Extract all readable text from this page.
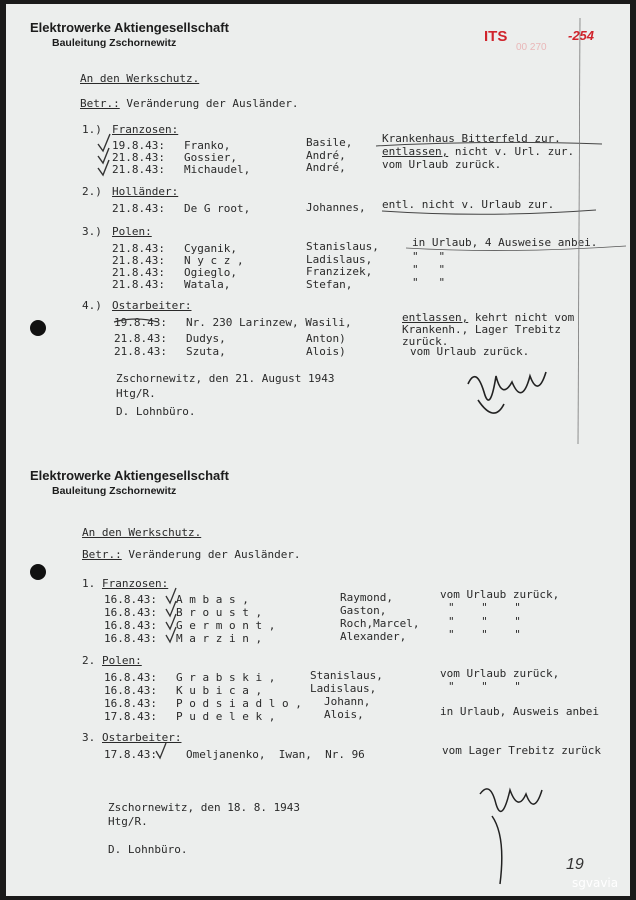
ITS	-254
00 270
Elektrowerke Aktiengesellschaft
Bauleitung Zschornewitz
An den Werkschutz.
Betr.: Veränderung der Ausländer.
1.) Franzosen:
19.8.43: Franko,	Basile,	Krankenhaus Bitterfeld zur.
21.8.43: Gossier,	André,	entlassen, nicht v. Url. zur.
21.8.43: Michaudel,	André,	vom Urlaub zurück.
2.) Holländer:
21.8.43: De G root,	Johannes, entl. nicht v. Urlaub zur.
3.) Polen:
21.8.43: Cyganik,	Stanislaus,	in Urlaub, 4 Ausweise anbei.
21.8.43: N y c z ,	Ladislaus,	"   "
21.8.43: Ogieglo,	Franzizek,	"   "
21.8.43: Watala,	Stefan,	"   "
4.) Ostarbeiter:
19.8.43: Nr. 230 Larinzew, Wasili,	entlassen, kehrt nicht vom
Krankenh., Lager Trebitz
zurück.
21.8.43: Dudys,	Anton)
21.8.43: Szuta,	Alois)	vom Urlaub zurück.
Zschornewitz, den 21. August 1943
Htg/R.
D. Lohnbüro.
Elektrowerke Aktiengesellschaft
Bauleitung Zschornewitz
An den Werkschutz.
Betr.: Veränderung der Ausländer.
1. Franzosen:
16.8.43: A m b a s ,	Raymond,	vom Urlaub zurück,
16.8.43: B r o u s t ,	Gaston,	"    "    "
16.8.43: G e r m o n t ,	Roch,Marcel,	"    "    "
16.8.43: M a r z i n ,	Alexander,	"    "    "
2. Polen:
16.8.43: G r a b s k i ,	Stanislaus,	vom Urlaub zurück,
16.8.43: K u b i c a ,	Ladislaus,	"    "    "
16.8.43: P o d s i a d l o , Johann,
17.8.43: P u d e l e k ,	Alois,	in Urlaub, Ausweis anbei
3. Ostarbeiter:
17.8.43:	Omeljanenko,  Iwan,  Nr. 96	vom Lager Trebitz zurück
Zschornewitz, den 18. 8. 1943
Htg/R.
D. Lohnbüro.
19
sgvavia
